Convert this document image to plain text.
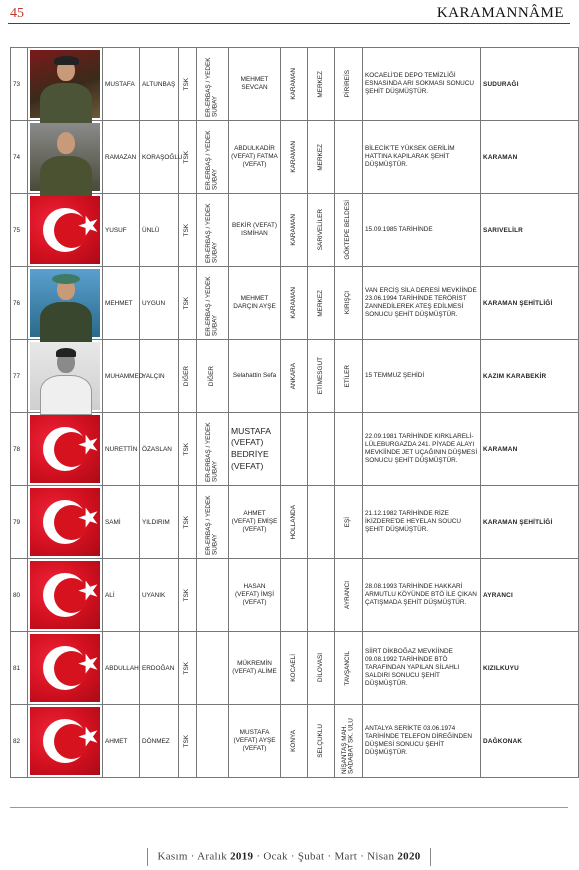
45	KARAMANNÂME
73		MUSTAFA	ALTUNBAŞ	TSK	ER-ERBAŞ / YEDEK SUBAY	MEHMET SEVCAN	KARAMAN	MERKEZ	PİRİREİS	KOCAELİ'DE DEPO TEMİZLİĞİ ESNASINDA ARI SOKMASI SONUCU ŞEHİT DÜŞMÜŞTÜR.	SUDURAĞI
74		RAMAZAN	KORAŞOĞLU	TSK	ER-ERBAŞ / YEDEK SUBAY	ABDULKADİR (VEFAT) FATMA (VEFAT)	KARAMAN	MERKEZ		BİLECİK'TE YÜKSEK GERİLİM HATTINA KAPILARAK ŞEHİT DÜŞMÜŞTÜR.	KARAMAN
75	★	YUSUF	ÜNLÜ	TSK	ER-ERBAŞ / YEDEK SUBAY	BEKİR (VEFAT) ISMİHAN	KARAMAN	SARIVELİLER	GÖKTEPE BELDESİ	15.09.1985 TARİHİNDE	SARIVELİLR
76		MEHMET	UYGUN	TSK	ER-ERBAŞ / YEDEK SUBAY	MEHMET DARÇIN AYŞE	KARAMAN	MERKEZ	KIRIŞÇI	VAN ERCİŞ SİLA DERESİ MEVKİİNDE 23.06.1994 TARİHİNDE TERÖRİST ZANNEDİLEREK ATEŞ EDİLMESİ SONUCU ŞEHİT DÜŞMÜŞTÜR.	KARAMAN ŞEHİTLİĞİ
77		MUHAMMED	YALÇIN	DİĞER	DİĞER	Selahattin Sefa	ANKARA	ETİMESGUT	ETİLER	15 TEMMUZ ŞEHİDİ	KAZIM KARABEKİR
78	★	NURETTİN	ÖZASLAN	TSK	ER-ERBAŞ / YEDEK SUBAY	MUSTAFA (VEFAT) BEDRİYE (VEFAT)				22.09.1981 TARİHİNDE KIRKLARELİ-LÜLEBURGAZDA 241. PİYADE ALAYI MEVKİİNDE JET UÇAĞININ DÜŞMESİ SONUCU ŞEHİT DÜŞMÜŞTÜR.	KARAMAN
79	★	SAMİ	YILDIRIM	TSK	ER-ERBAŞ / YEDEK SUBAY	AHMET (VEFAT) EMİŞE (VEFAT)	HOLLANDA		EŞİ	21.12.1982 TARİHİNDE RİZE İKİZDERE'DE HEYELAN SOUCU ŞEHİT DÜŞMÜŞTÜR.	KARAMAN ŞEHİTLİĞİ
80	★	ALİ	UYANIK	TSK		HASAN (VEFAT) İMŞİ (VEFAT)			AYRANCI	28.08.1993 TARİHİNDE HAKKARİ ARMUTLU KÖYÜNDE BTÖ İLE ÇIKAN ÇATIŞMADA ŞEHİT DÜŞMÜŞTÜR.	AYRANCI
81	★	ABDULLAH	ERDOĞAN	TSK		MÜKREMİN (VEFAT) ALİME	KOCAELİ	DİLOVASI	TAVŞANCIL	SİİRT DİKBOĞAZ MEVKİİNDE 09.08.1992 TARİHİNDE BTÖ TARAFINDAN YAPILAN SİLAHLI SALDIRI SONUCU ŞEHİT DÜŞMÜŞTÜR.	KIZILKUYU
82	★	AHMET	DÖNMEZ	TSK		MUSTAFA (VEFAT) AYŞE (VEFAT)	KONYA	SELÇUKLU	NİŞANTAŞ MAH. SADABAT SK. ULU	ANTALYA SERİKTE 03.06.1974 TARİHİNDE TELEFON DİREĞİNDEN DÜŞMESİ SONUCU ŞEHİT DÜŞMÜŞTÜR.	DAĞKONAK
Kasım · Aralık 2019 · Ocak · Şubat · Mart · Nisan 2020
